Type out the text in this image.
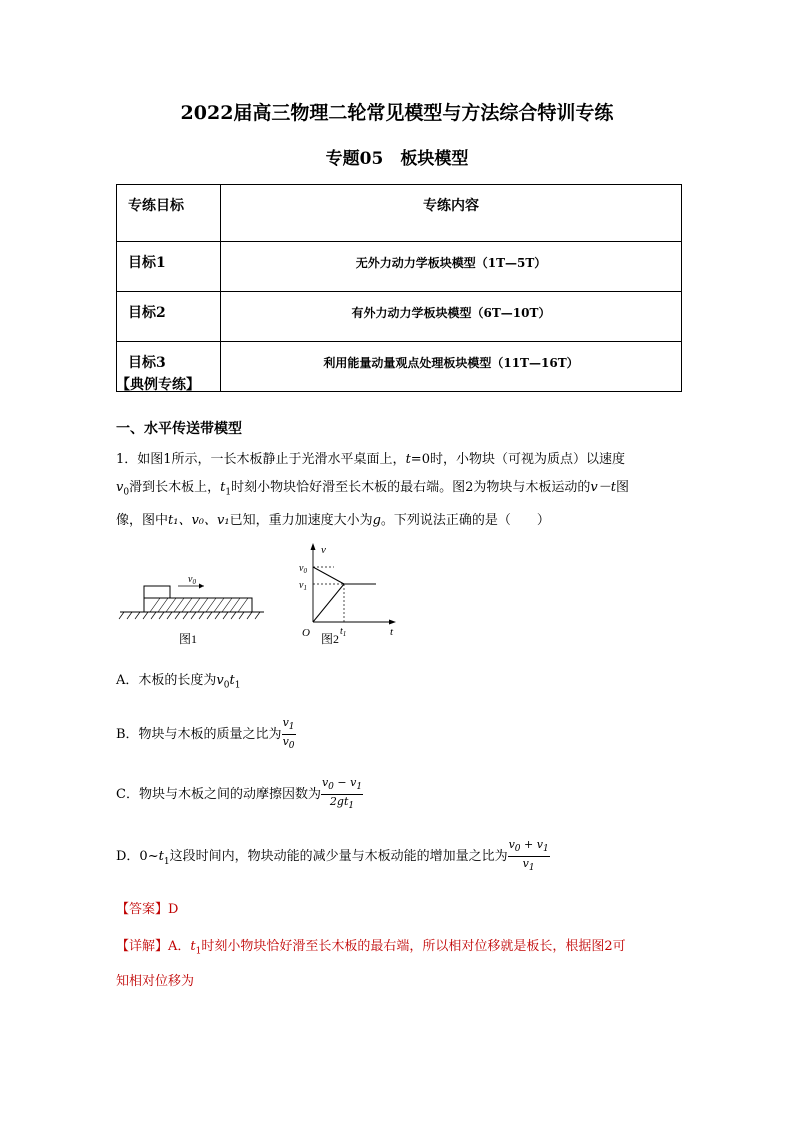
2022届高三物理二轮常见模型与方法综合特训专练
专题05　板块模型
专练目标	专练内容
目标1	无外力动力学板块模型（1T—5T）
目标2	有外力动力学板块模型（6T—10T）
目标3	利用能量动量观点处理板块模型（11T—16T）
【典例专练】
一、水平传送带模型
1．如图1所示，一长木板静止于光滑水平桌面上，t=0时，小物块（可视为质点）以速度
$v_0$滑到长木板上，$t_1$时刻小物块恰好滑至长木板的最右端。图2为物块与木板运动的v－t图
像，图中t₁、v₀、v₁已知，重力加速度大小为g。下列说法正确的是（　　）
$v_0$
图1
v
t
O
$v_0$
$v_1$
$t_1$
图2
A．木板的长度为$v_0t_1$
B．物块与木板的质量之比为 $\frac{v_1}{v_0}$
C．物块与木板之间的动摩擦因数为 $\frac{v_0 - v_1}{2gt_1}$
D．$0\sim t_1$这段时间内，物块动能的减少量与木板动能的增加量之比为 $\frac{v_0 + v_1}{v_1}$
【答案】D
【详解】A．$t_1$时刻小物块恰好滑至长木板的最右端，所以相对位移就是板长，根据图2可
知相对位移为
